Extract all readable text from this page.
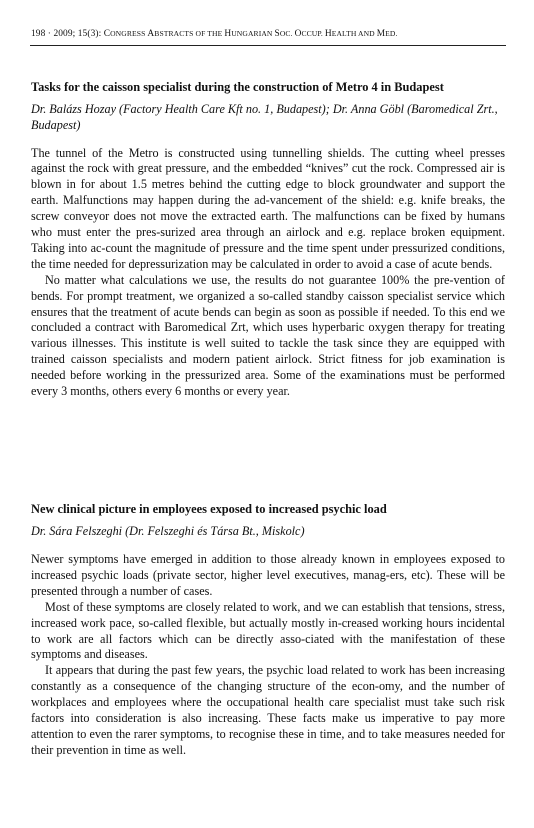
198 · 2009; 15(3): CONGRESS ABSTRACTS OF THE HUNGARIAN SOC. OCCUP. HEALTH AND MED.
Tasks for the caisson specialist during the construction of Metro 4 in Budapest

Dr. Balázs Hozay (Factory Health Care Kft no. 1, Budapest); Dr. Anna Göbl (Baromedical Zrt., Budapest)

The tunnel of the Metro is constructed using tunnelling shields. The cutting wheel presses against the rock with great pressure, and the embedded “knives” cut the rock. Compressed air is blown in for about 1.5 metres behind the cutting edge to block groundwater and support the earth. Malfunctions may happen during the ad-vancement of the shield: e.g. knife breaks, the screw conveyor does not move the extracted earth. The malfunctions can be fixed by humans who must enter the pres-surized area through an airlock and e.g. replace broken equipment. Taking into ac-count the magnitude of pressure and the time spent under pressurized conditions, the time needed for depressurization may be calculated in order to avoid a case of acute bends.

No matter what calculations we use, the results do not guarantee 100% the pre-vention of bends. For prompt treatment, we organized a so-called standby caisson specialist service which ensures that the treatment of acute bends can begin as soon as possible if needed. To this end we concluded a contract with Baromedical Zrt, which uses hyperbaric oxygen therapy for treating various illnesses. This institute is well suited to tackle the task since they are equipped with trained caisson specialists and modern patient airlock. Strict fitness for job examination is needed before working in the pressurized area. Some of the examinations must be performed every 3 months, others every 6 months or every year.

New clinical picture in employees exposed to increased psychic load

Dr. Sára Felszeghi (Dr. Felszeghi és Társa Bt., Miskolc)

Newer symptoms have emerged in addition to those already known in employees exposed to increased psychic loads (private sector, higher level executives, manag-ers, etc). These will be presented through a number of cases.

Most of these symptoms are closely related to work, and we can establish that tensions, stress, increased work pace, so-called flexible, but actually mostly in-creased working hours incidental to work are all factors which can be directly asso-ciated with the manifestation of these symptoms and diseases.

It appears that during the past few years, the psychic load related to work has been increasing constantly as a consequence of the changing structure of the econ-omy, and the number of workplaces and employees where the occupational health care specialist must take such risk factors into consideration is also increasing. These facts make us imperative to pay more attention to even the rarer symptoms, to recognise these in time, and to take measures needed for their prevention in time as well.
